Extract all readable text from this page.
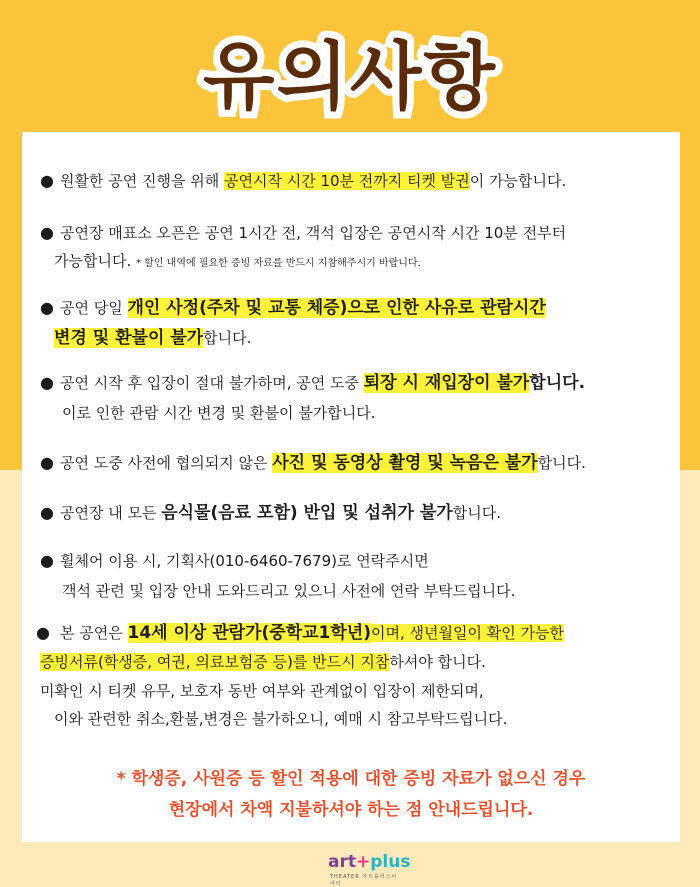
유의사항
● 원활한 공연 진행을 위해 공연시작 시간 10분 전까지 티켓 발권이 가능합니다.
● 공연장 매표소 오픈은 공연 1시간 전, 객석 입장은 공연시작 시간 10분 전부터
가능합니다. * 할인 내역에 필요한 증빙 자료를 반드시 지참해주시기 바랍니다.
● 공연 당일 개인 사정(주차 및 교통 체증)으로 인한 사유로 관람시간
변경 및 환불이 불가합니다.
● 공연 시작 후 입장이 절대 불가하며, 공연 도중 퇴장 시 재입장이 불가합니다.
이로 인한 관람 시간 변경 및 환불이 불가합니다.
● 공연 도중 사전에 협의되지 않은 사진 및 동영상 촬영 및 녹음은 불가합니다.
● 공연장 내 모든 음식물(음료 포함) 반입 및 섭취가 불가합니다.
● 휠체어 이용 시, 기획사(010-6460-7679)로 연락주시면
객석 관련 및 입장 안내 도와드리고 있으니 사전에 연락 부탁드립니다.
● 본 공연은 14세 이상 관람가(중학교1학년)이며, 생년월일이 확인 가능한
증빙서류(학생증, 여권, 의료보험증 등)를 반드시 지참하셔야 합니다.
미확인 시 티켓 유무, 보호자 동반 여부와 관계없이 입장이 제한되며,
이와 관련한 취소,환불,변경은 불가하오니, 예매 시 참고부탁드립니다.
* 학생증, 사원증 등 할인 적용에 대한 증빙 자료가 없으신 경우
현장에서 차액 지불하셔야 하는 점 안내드립니다.
art+plus
THEATER 아트플러스씨어터
